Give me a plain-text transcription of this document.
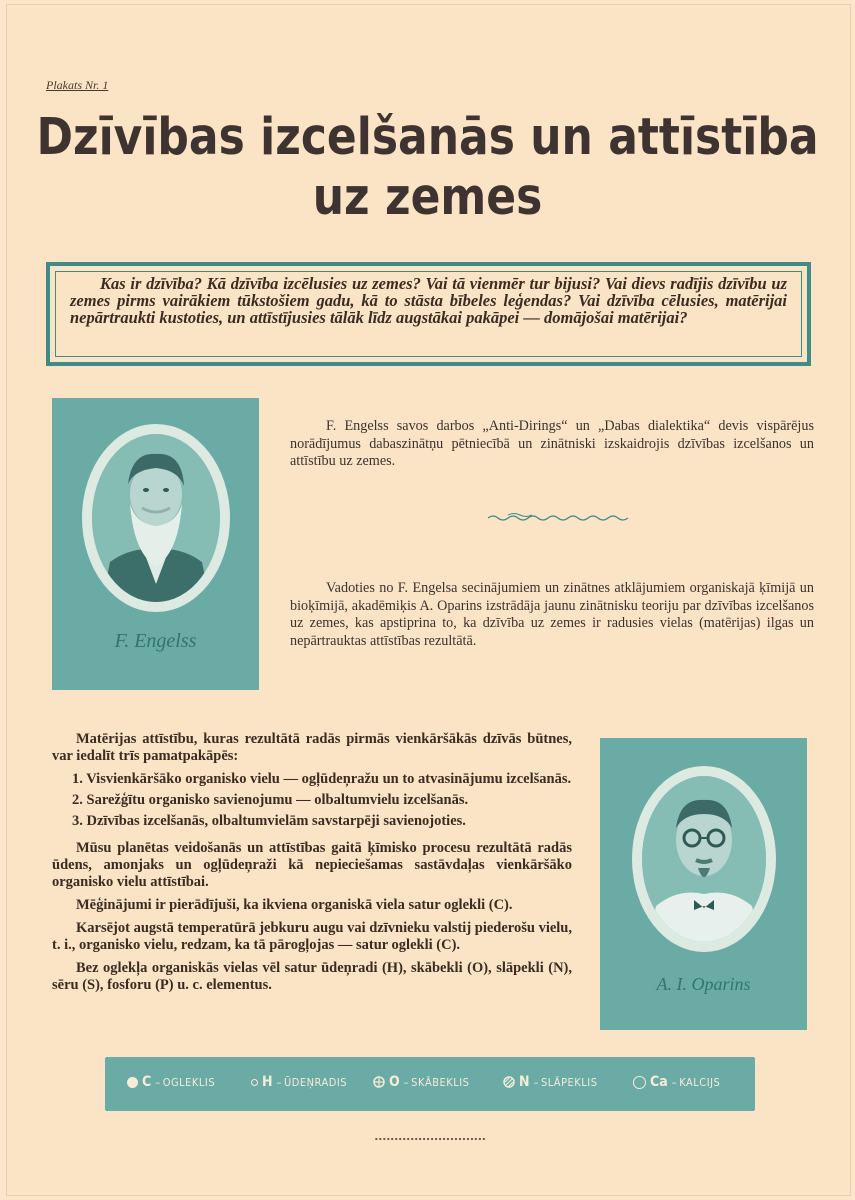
Plakats Nr. 1
Dzīvības izcelšanās un attīstība
uz zemes
Kas ir dzīvība? Kā dzīvība izcēlusies uz zemes? Vai tā vienmēr tur bijusi? Vai dievs radījis dzīvību uz zemes pirms vairākiem tūkstošiem gadu, kā to stāsta bībeles leģendas? Vai dzīvība cēlusies, matērijai nepārtraukti kustoties, un attīstījusies tālāk līdz augstākai pakāpei — domājošai matērijai?
F. Engelss
F. Engelss savos darbos „Anti-Dirings“ un „Dabas dialektika“ devis vispārējus norādījumus dabaszinātņu pētniecībā un zinātniski izskaidrojis dzīvības izcelšanos un attīstību uz zemes.
Vadoties no F. Engelsa secinājumiem un zinātnes atklājumiem organiskajā ķīmijā un bioķīmijā, akadēmiķis A. Oparins izstrādāja jaunu zinātnisku teoriju par dzīvības izcelšanos uz zemes, kas apstiprina to, ka dzīvība uz zemes ir radusies vielas (matērijas) ilgas un nepārtrauktas attīstības rezultātā.

Matērijas attīstību, kuras rezultātā radās pirmās vienkāršākās dzīvās būtnes, var iedalīt trīs pamatpakāpēs:

1. Visvienkāršāko organisko vielu — ogļūdeņražu un to atvasinājumu izcelšanās.
2. Sarežģītu organisko savienojumu — olbaltumvielu izcelšanās.
3. Dzīvības izcelšanās, olbaltumvielām savstarpēji savienojoties.

Mūsu planētas veidošanās un attīstības gaitā ķīmisko procesu rezultātā radās ūdens, amonjaks un ogļūdeņraži kā nepieciešamas sastāvdaļas vienkāršāko organisko vielu attīstībai.

Mēģinājumi ir pierādījuši, ka ikviena organiskā viela satur oglekli (C).

Karsējot augstā temperatūrā jebkuru augu vai dzīvnieku valstij piederošu vielu, t. i., organisko vielu, redzam, ka tā pārogļojas — satur oglekli (C).

Bez oglekļa organiskās vielas vēl satur ūdeņradi (H), skābekli (O), slāpekli (N), sēru (S), fosforu (P) u. c. elementus.	A. I. Oparins
C – OGLEKLIS	H – ŪDEŅRADIS	O – SKĀBEKLIS	N – SLĀPEKLIS	Ca – KALCIJS
▪ ▪ ▪ ▪ ▪ ▪ ▪ ▪ ▪ ▪ ▪ ▪ ▪ ▪ ▪ ▪ ▪ ▪ ▪ ▪ ▪ ▪ ▪ ▪ ▪ ▪ ▪ ▪
